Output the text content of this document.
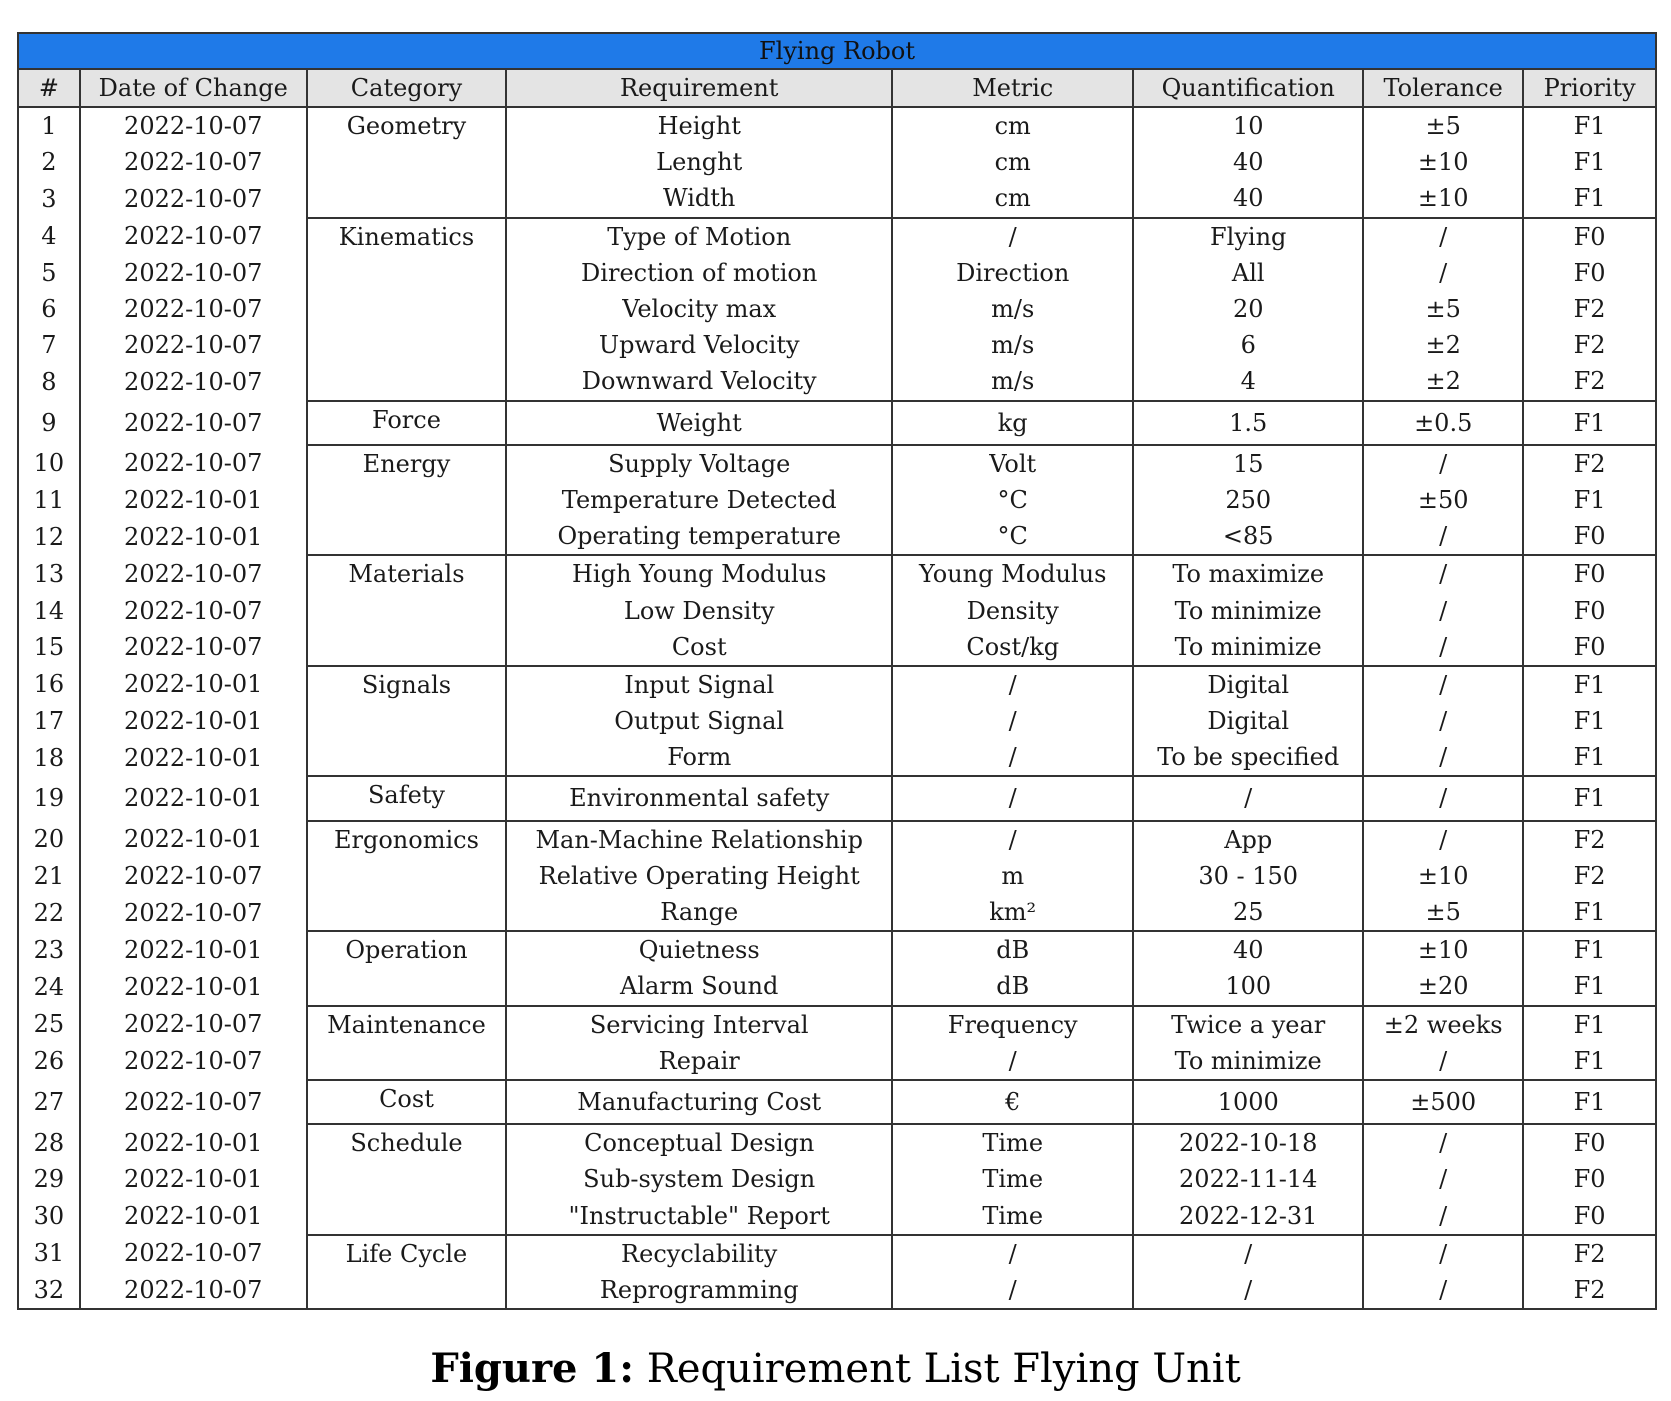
Flying Robot							
#	Date of Change	Category	Requirement	Metric	Quantification	Tolerance	Priority
1	2022-10-07	Geometry	Height	cm	10	±5	F1
2	2022-10-07		Lenght	cm	40	±10	F1
3	2022-10-07		Width	cm	40	±10	F1
4	2022-10-07	Kinematics	Type of Motion	/	Flying	/	F0
5	2022-10-07		Direction of motion	Direction	All	/	F0
6	2022-10-07		Velocity max	m/s	20	±5	F2
7	2022-10-07		Upward Velocity	m/s	6	±2	F2
8	2022-10-07		Downward Velocity	m/s	4	±2	F2
9	2022-10-07	Force	Weight	kg	1.5	±0.5	F1
10	2022-10-07	Energy	Supply Voltage	Volt	15	/	F2
11	2022-10-01		Temperature Detected	°C	250	±50	F1
12	2022-10-01		Operating temperature	°C	<85	/	F0
13	2022-10-07	Materials	High Young Modulus	Young Modulus	To maximize	/	F0
14	2022-10-07		Low Density	Density	To minimize	/	F0
15	2022-10-07		Cost	Cost/kg	To minimize	/	F0
16	2022-10-01	Signals	Input Signal	/	Digital	/	F1
17	2022-10-01		Output Signal	/	Digital	/	F1
18	2022-10-01		Form	/	To be specified	/	F1
19	2022-10-01	Safety	Environmental safety	/	/	/	F1
20	2022-10-01	Ergonomics	Man-Machine Relationship	/	App	/	F2
21	2022-10-07		Relative Operating Height	m	30 - 150	±10	F2
22	2022-10-07		Range	km²	25	±5	F1
23	2022-10-01	Operation	Quietness	dB	40	±10	F1
24	2022-10-01		Alarm Sound	dB	100	±20	F1
25	2022-10-07	Maintenance	Servicing Interval	Frequency	Twice a year	±2 weeks	F1
26	2022-10-07		Repair	/	To minimize	/	F1
27	2022-10-07	Cost	Manufacturing Cost	€	1000	±500	F1
28	2022-10-01	Schedule	Conceptual Design	Time	2022-10-18	/	F0
29	2022-10-01		Sub-system Design	Time	2022-11-14	/	F0
30	2022-10-01		"Instructable" Report	Time	2022-12-31	/	F0
31	2022-10-07	Life Cycle	Recyclability	/	/	/	F2
32	2022-10-07		Reprogramming	/	/	/	F2
Figure 1: Requirement List Flying Unit
